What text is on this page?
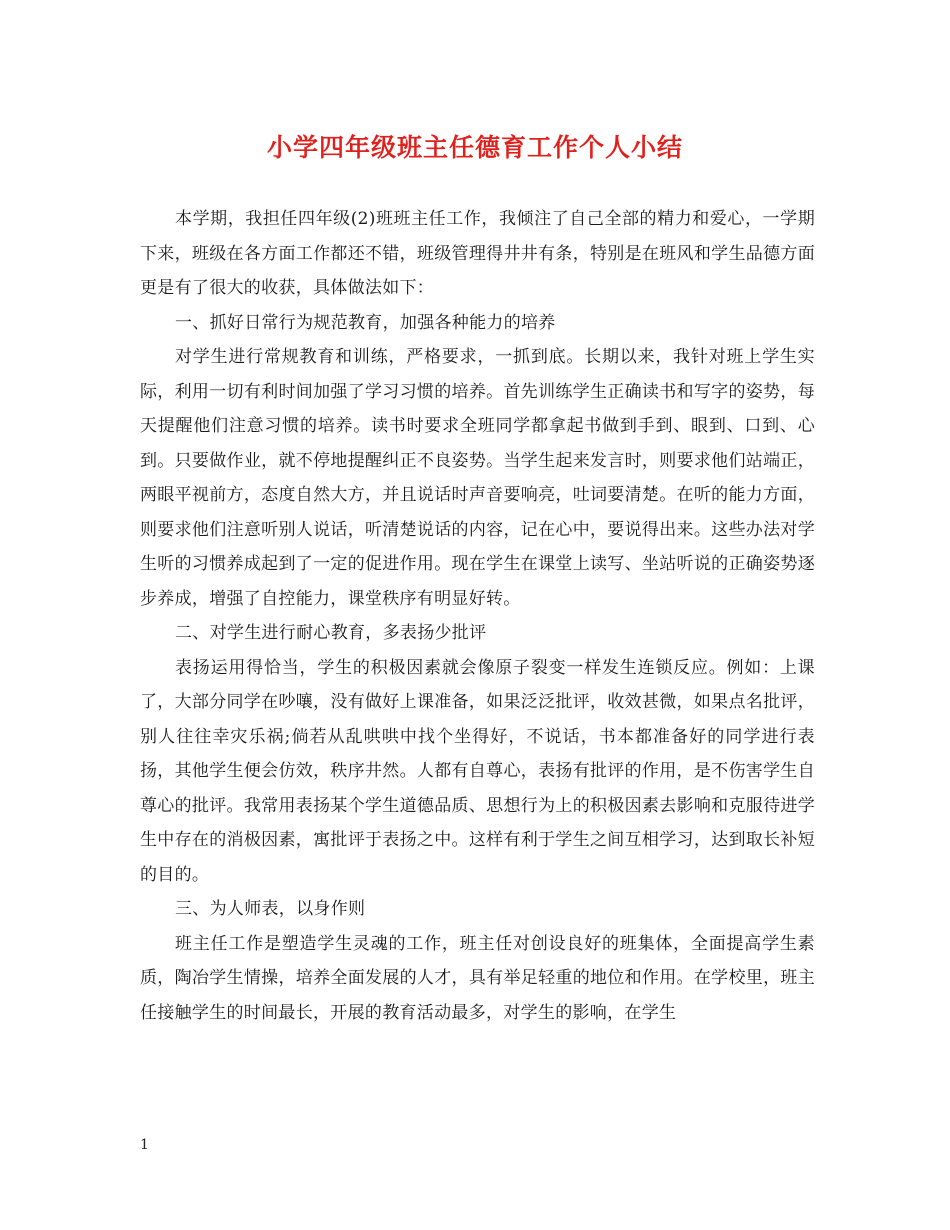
小学四年级班主任德育工作个人小结

本学期，我担任四年级(2)班班主任工作，我倾注了自己全部的精力和爱心，一学期下来，班级在各方面工作都还不错，班级管理得井井有条，特别是在班风和学生品德方面更是有了很大的收获，具体做法如下：

一、抓好日常行为规范教育，加强各种能力的培养

对学生进行常规教育和训练，严格要求，一抓到底。长期以来，我针对班上学生实际，利用一切有利时间加强了学习习惯的培养。首先训练学生正确读书和写字的姿势，每天提醒他们注意习惯的培养。读书时要求全班同学都拿起书做到手到、眼到、口到、心到。只要做作业，就不停地提醒纠正不良姿势。当学生起来发言时，则要求他们站端正，两眼平视前方，态度自然大方，并且说话时声音要响亮，吐词要清楚。在听的能力方面，则要求他们注意听别人说话，听清楚说话的内容，记在心中，要说得出来。这些办法对学生听的习惯养成起到了一定的促进作用。现在学生在课堂上读写、坐站听说的正确姿势逐步养成，增强了自控能力，课堂秩序有明显好转。

二、对学生进行耐心教育，多表扬少批评

表扬运用得恰当，学生的积极因素就会像原子裂变一样发生连锁反应。例如：上课了，大部分同学在吵嚷，没有做好上课准备，如果泛泛批评，收效甚微，如果点名批评，别人往往幸灾乐祸;倘若从乱哄哄中找个坐得好，不说话，书本都准备好的同学进行表扬，其他学生便会仿效，秩序井然。人都有自尊心，表扬有批评的作用，是不伤害学生自尊心的批评。我常用表扬某个学生道德品质、思想行为上的积极因素去影响和克服待进学生中存在的消极因素，寓批评于表扬之中。这样有利于学生之间互相学习，达到取长补短的目的。

三、为人师表，以身作则

班主任工作是塑造学生灵魂的工作，班主任对创设良好的班集体，全面提高学生素质，陶冶学生情操，培养全面发展的人才，具有举足轻重的地位和作用。在学校里，班主任接触学生的时间最长，开展的教育活动最多，对学生的影响，在学生

1
